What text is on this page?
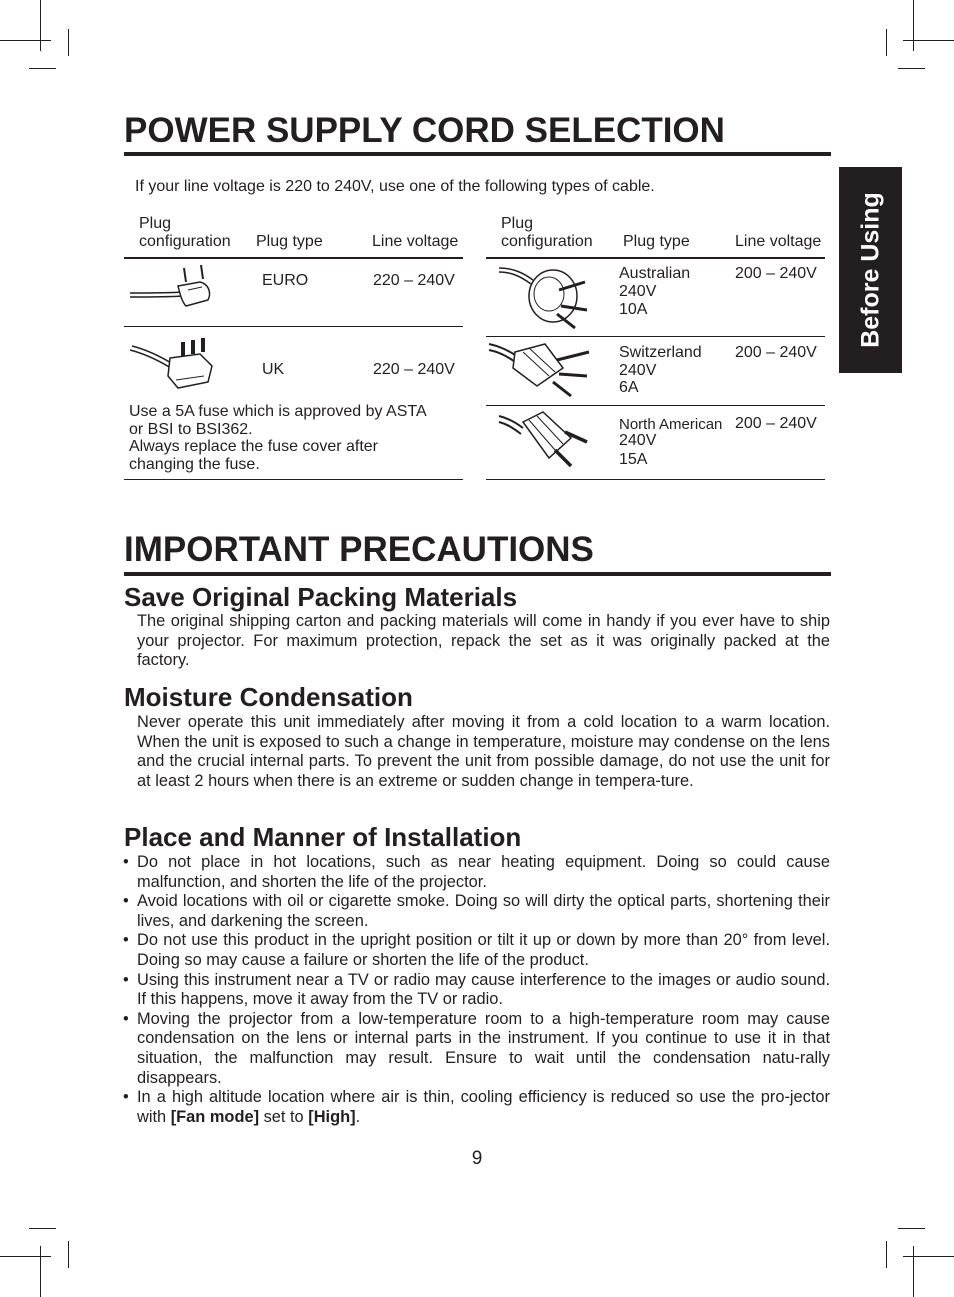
Before Using
POWER SUPPLY CORD SELECTION
If your line voltage is 220 to 240V, use one of the following types of cable.
Plug
configuration Plug type	Line voltage
EURO	220 – 240V
UK	220 – 240V
Use a 5A fuse which is approved by ASTA
or BSI to BSI362.
Always replace the fuse cover after
changing the fuse.
Plug
configuration Plug type	Line voltage
Australian
240V
10A
200 – 240V
Switzerland
240V
6A
200 – 240V
North American
240V
15A
200 – 240V
IMPORTANT PRECAUTIONS
Save Original Packing Materials
The original shipping carton and packing materials will come in handy if you ever have to ship your projector. For maximum protection, repack the set as it was originally packed at the factory.
Moisture Condensation
Never operate this unit immediately after moving it from a cold location to a warm location. When the unit is exposed to such a change in temperature, moisture may condense on the lens and the crucial internal parts. To prevent the unit from possible damage, do not use the unit for at least 2 hours when there is an extreme or sudden change in tempera-ture.
Place and Manner of Installation
• Do not place in hot locations, such as near heating equipment. Doing so could cause malfunction, and shorten the life of the projector.
• Avoid locations with oil or cigarette smoke. Doing so will dirty the optical parts, shortening their lives, and darkening the screen.
• Do not use this product in the upright position or tilt it up or down by more than 20° from level. Doing so may cause a failure or shorten the life of the product.
• Using this instrument near a TV or radio may cause interference to the images or audio sound. If this happens, move it away from the TV or radio.
• Moving the projector from a low-temperature room to a high-temperature room may cause condensation on the lens or internal parts in the instrument. If you continue to use it in that situation, the malfunction may result. Ensure to wait until the condensation natu-rally disappears.
• In a high altitude location where air is thin, cooling efficiency is reduced so use the pro-jector with [Fan mode] set to [High].
9
